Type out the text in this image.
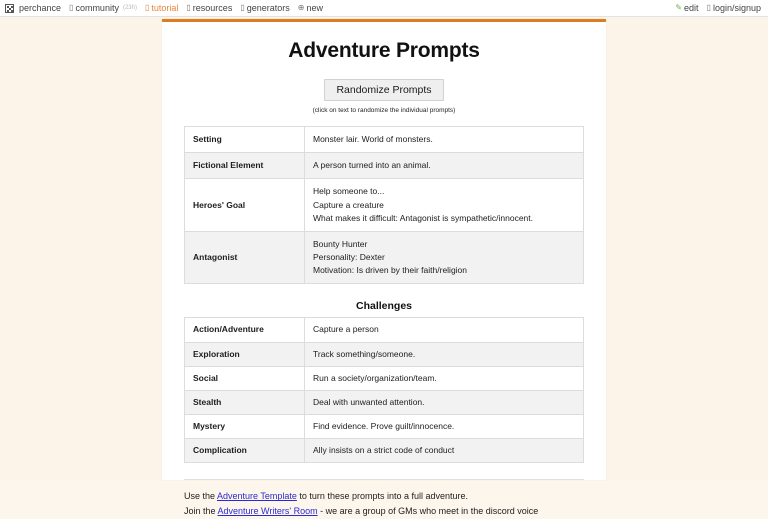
perchance ▯ community (23h) ▯ tutorial ▯ resources ▯ generators ⊕ new	✎ edit ▯ login/signup
Adventure Prompts
Randomize Prompts
(click on text to randomize the individual prompts)
Setting	Monster lair. World of monsters.

Fictional Element	A person turned into an animal.

Heroes' Goal	Help someone to...
Capture a creature
What makes it difficult: Antagonist is sympathetic/innocent.

Antagonist	Bounty Hunter
Personality: Dexter
Motivation: Is driven by their faith/religion
Challenges
Action/Adventure	Capture a person
Exploration	Track something/someone.
Social	Run a society/organization/team.
Stealth	Deal with unwanted attention.
Mystery	Find evidence. Prove guilt/innocence.
Complication	Ally insists on a strict code of conduct
Use the Adventure Template to turn these prompts into a full adventure.
Join the Adventure Writers' Room - we are a group of GMs who meet in the discord voice
